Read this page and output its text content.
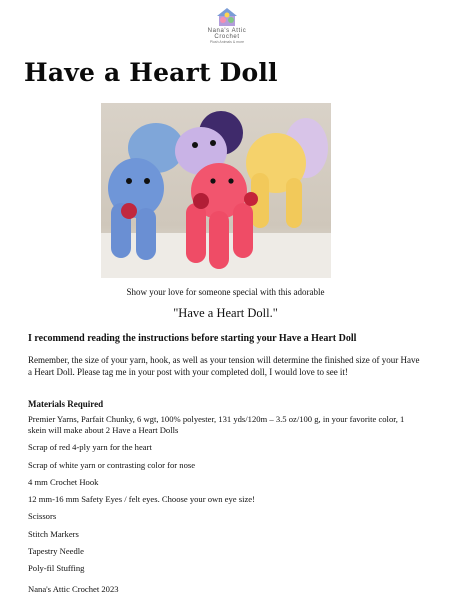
Nana's Attic Crochet
Plush Animals & more
Have a Heart Doll
Show your love for someone special with this adorable
"Have a Heart Doll."
I recommend reading the instructions before starting your Have a Heart Doll
Remember, the size of your yarn, hook, as well as your tension will determine the finished size of your Have a Heart Doll. Please tag me in your post with your completed doll, I would love to see it!
Materials Required
Premier Yarns, Parfait Chunky, 6 wgt, 100% polyester, 131 yds/120m – 3.5 oz/100 g, in your favorite color, 1 skein will make about 2 Have a Heart Dolls
Scrap of red 4-ply yarn for the heart
Scrap of white yarn or contrasting color for nose
4 mm Crochet Hook
12 mm-16 mm Safety Eyes / felt eyes. Choose your own eye size!
Scissors
Stitch Markers
Tapestry Needle
Poly-fil Stuffing
Nana's Attic Crochet 2023
